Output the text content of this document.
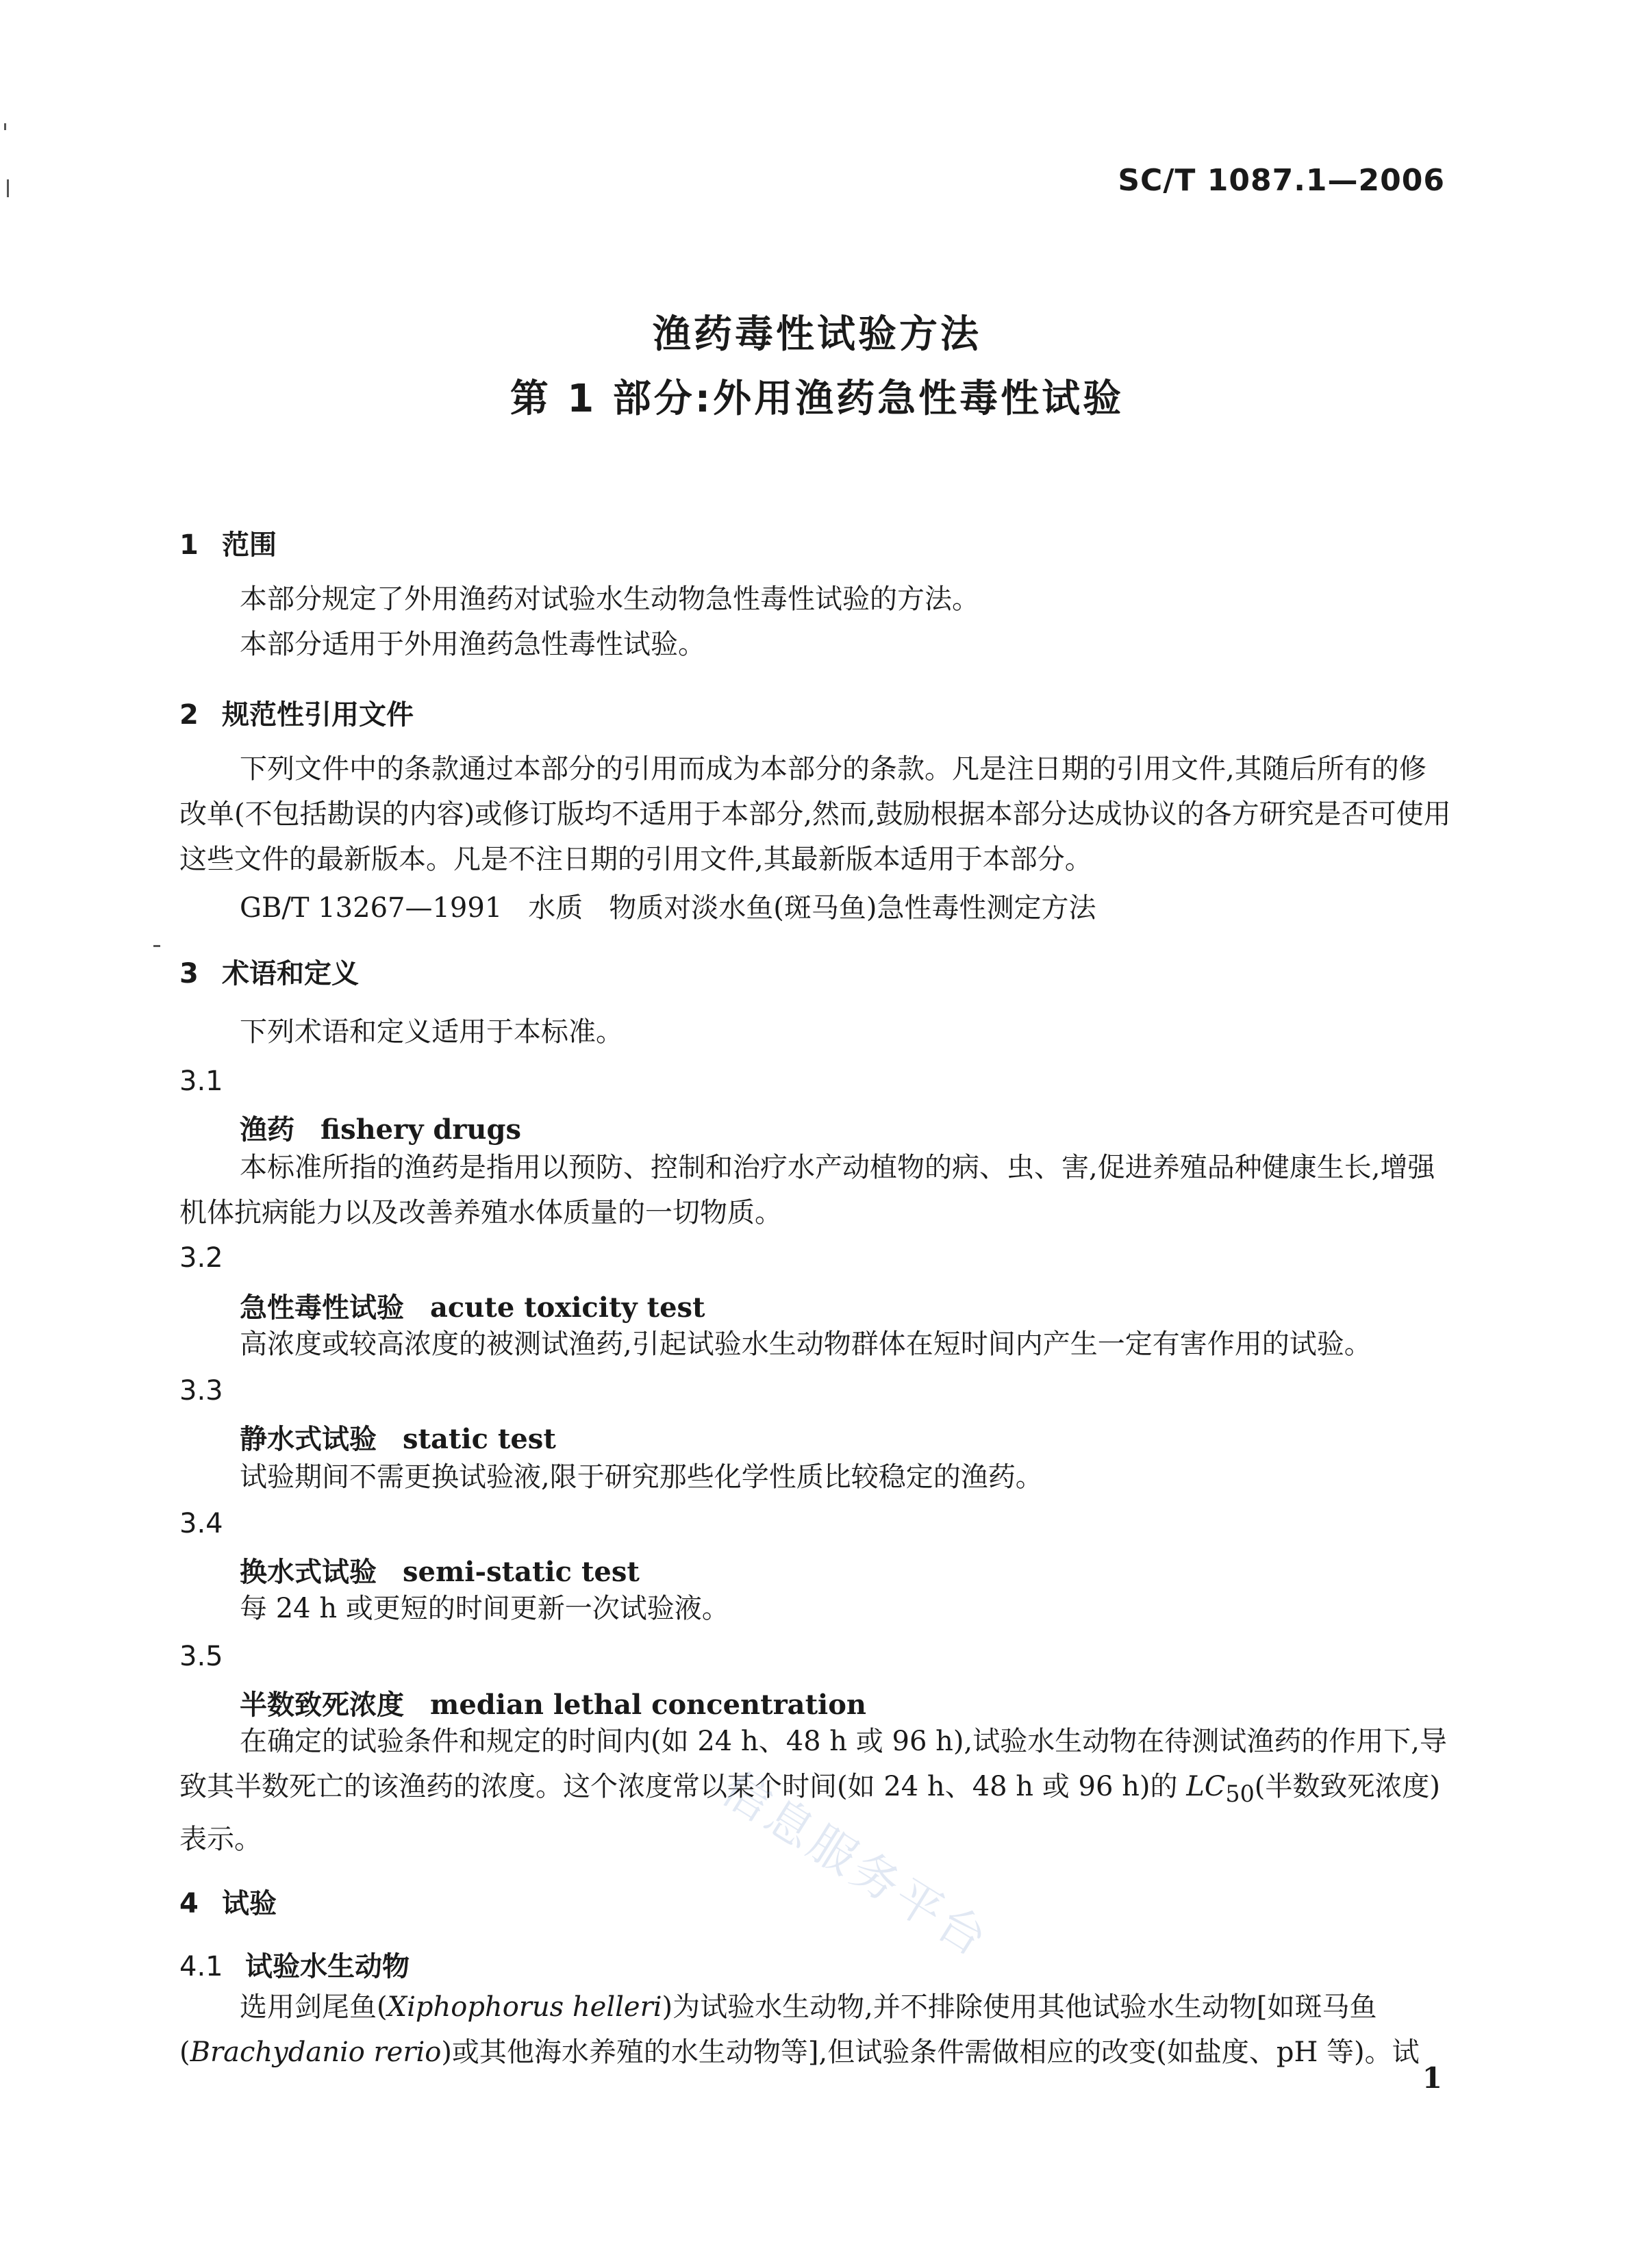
SC/T 1087.1—2006
渔药毒性试验方法
第 1 部分:外用渔药急性毒性试验
1 范围
本部分规定了外用渔药对试验水生动物急性毒性试验的方法。
本部分适用于外用渔药急性毒性试验。
2 规范性引用文件
下列文件中的条款通过本部分的引用而成为本部分的条款。凡是注日期的引用文件,其随后所有的修改单(不包括勘误的内容)或修订版均不适用于本部分,然而,鼓励根据本部分达成协议的各方研究是否可使用这些文件的最新版本。凡是不注日期的引用文件,其最新版本适用于本部分。
GB/T 13267—1991 水质 物质对淡水鱼(斑马鱼)急性毒性测定方法
3 术语和定义
下列术语和定义适用于本标准。
3.1
渔药 fishery drugs
本标准所指的渔药是指用以预防、控制和治疗水产动植物的病、虫、害,促进养殖品种健康生长,增强机体抗病能力以及改善养殖水体质量的一切物质。
3.2
急性毒性试验 acute toxicity test
高浓度或较高浓度的被测试渔药,引起试验水生动物群体在短时间内产生一定有害作用的试验。
3.3
静水式试验 static test
试验期间不需更换试验液,限于研究那些化学性质比较稳定的渔药。
3.4
换水式试验 semi-static test
每 24 h 或更短的时间更新一次试验液。
3.5
半数致死浓度 median lethal concentration
在确定的试验条件和规定的时间内(如 24 h、48 h 或 96 h),试验水生动物在待测试渔药的作用下,导致其半数死亡的该渔药的浓度。这个浓度常以某个时间(如 24 h、48 h 或 96 h)的 $LC_{50}$(半数致死浓度)表示。
4 试验
4.1 试验水生动物
选用剑尾鱼(Xiphophorus helleri)为试验水生动物,并不排除使用其他试验水生动物[如斑马鱼(Brachydanio rerio)或其他海水养殖的水生动物等],但试验条件需做相应的改变(如盐度、pH 等)。试
1
信息服务平台
